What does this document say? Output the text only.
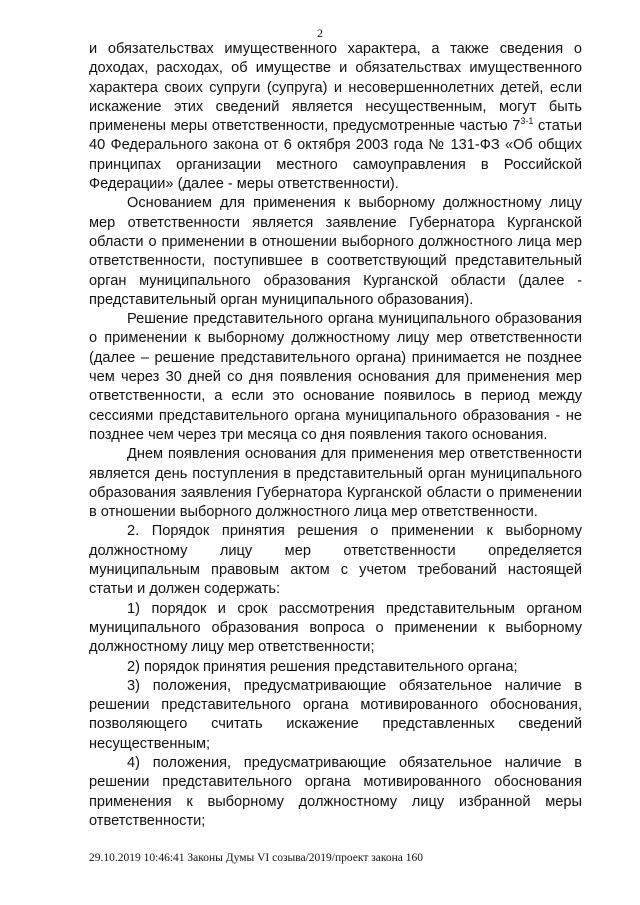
2

и обязательствах имущественного характера, а также сведения о доходах, расходах, об имуществе и обязательствах имущественного характера своих супруги (супруга) и несовершеннолетних детей, если искажение этих сведений является несущественным, могут быть применены меры ответственности, предусмотренные частью 7$^{3-1}$ статьи 40 Федерального закона от 6 октября 2003 года № 131-ФЗ «Об общих принципах организации местного самоуправления в Российской Федерации» (далее - меры ответственности).

Основанием для применения к выборному должностному лицу мер ответственности является заявление Губернатора Курганской области о применении в отношении выборного должностного лица мер ответственности, поступившее в соответствующий представительный орган муниципального образования Курганской области (далее - представительный орган муниципального образования).

Решение представительного органа муниципального образования о применении к выборному должностному лицу мер ответственности (далее – решение представительного органа) принимается не позднее чем через 30 дней со дня появления основания для применения мер ответственности, а если это основание появилось в период между сессиями представительного органа муниципального образования - не позднее чем через три месяца со дня появления такого основания.

Днем появления основания для применения мер ответственности является день поступления в представительный орган муниципального образования заявления Губернатора Курганской области о применении в отношении выборного должностного лица мер ответственности.

2. Порядок принятия решения о применении к выборному должностному лицу мер ответственности определяется муниципальным правовым актом с учетом требований настоящей статьи и должен содержать:

1) порядок и срок рассмотрения представительным органом муниципального образования вопроса о применении к выборному должностному лицу мер ответственности;

2) порядок принятия решения представительного органа;

3) положения, предусматривающие обязательное наличие в решении представительного органа мотивированного обоснования, позволяющего считать искажение представленных сведений несущественным;

4) положения, предусматривающие обязательное наличие в решении представительного органа мотивированного обоснования применения к выборному должностному лицу избранной меры ответственности;

29.10.2019 10:46:41 Законы Думы VI созыва/2019/проект закона 160
